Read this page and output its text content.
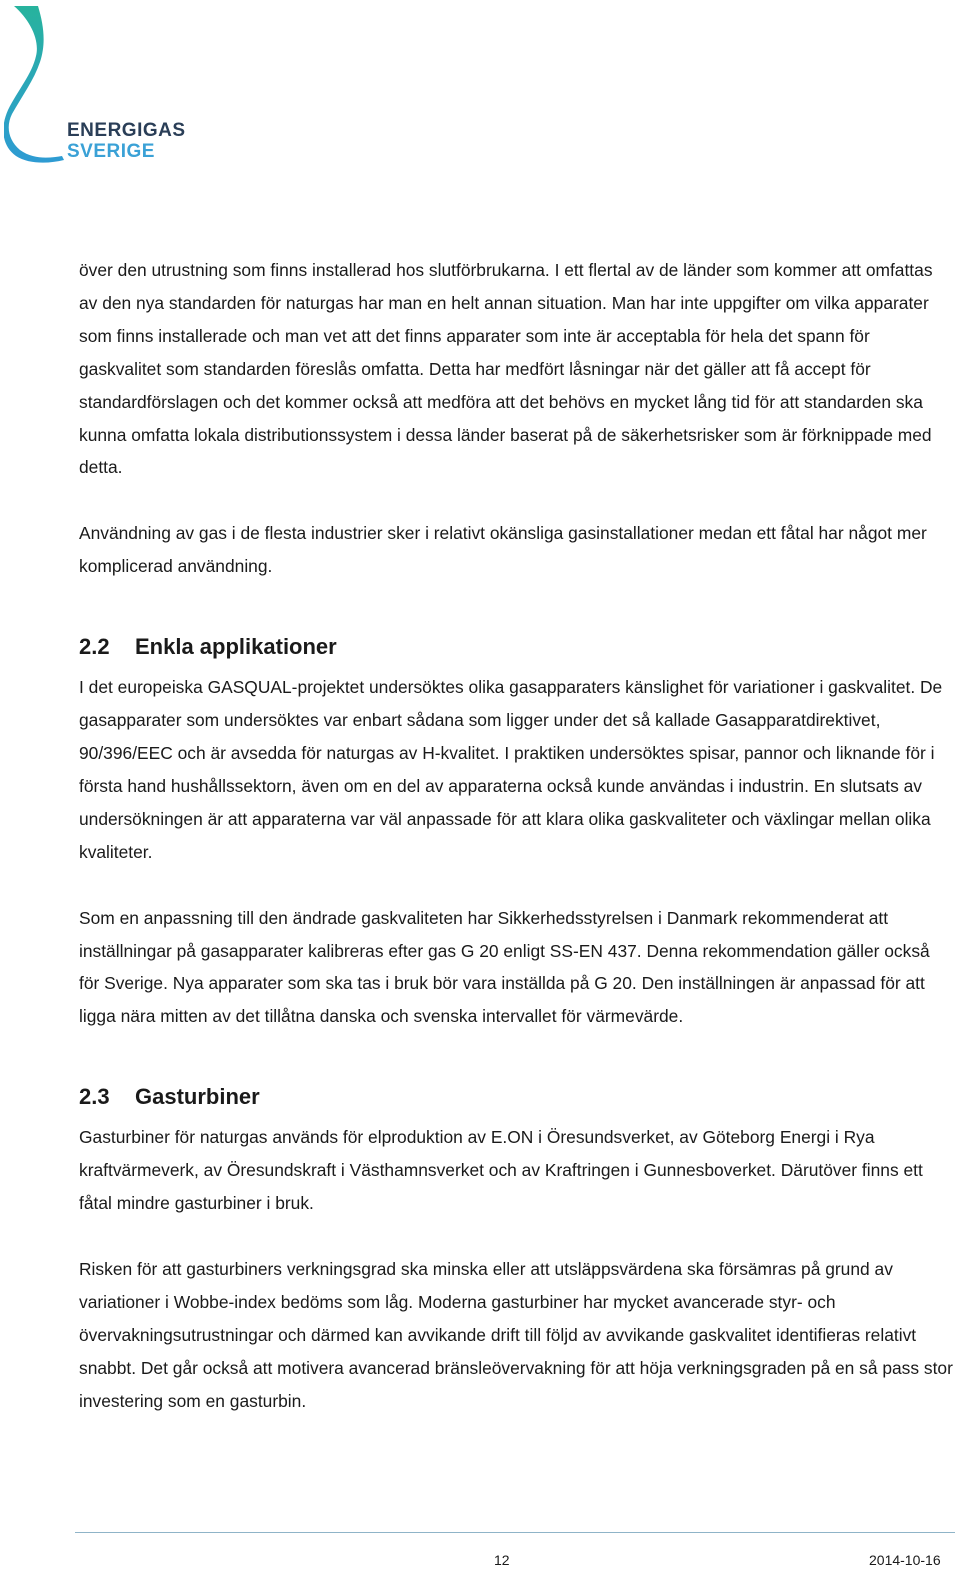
ENERGIGAS
SVERIGE

över den utrustning som finns installerad hos slutförbrukarna. I ett flertal av de länder som kommer att omfattas av den nya standarden för naturgas har man en helt annan situation. Man har inte uppgifter om vilka apparater som finns installerade och man vet att det finns apparater som inte är acceptabla för hela det spann för gaskvalitet som standarden föreslås omfatta. Detta har medfört låsningar när det gäller att få accept för standardförslagen och det kommer också att medföra att det behövs en mycket lång tid för att standarden ska kunna omfatta lokala distributionssystem i dessa länder baserat på de säkerhetsrisker som är förknippade med detta.

Användning av gas i de flesta industrier sker i relativt okänsliga gasinstallationer medan ett fåtal har något mer komplicerad användning.

2.2	Enkla applikationer

I det europeiska GASQUAL-projektet undersöktes olika gasapparaters känslighet för variationer i gaskvalitet. De gasapparater som undersöktes var enbart sådana som ligger under det så kallade Gasapparatdirektivet, 90/396/EEC och är avsedda för naturgas av H-kvalitet. I praktiken undersöktes spisar, pannor och liknande för i första hand hushållssektorn, även om en del av apparaterna också kunde användas i industrin. En slutsats av undersökningen är att apparaterna var väl anpassade för att klara olika gaskvaliteter och växlingar mellan olika kvaliteter.

Som en anpassning till den ändrade gaskvaliteten har Sikkerhedsstyrelsen i Danmark rekommenderat att inställningar på gasapparater kalibreras efter gas G 20 enligt SS-EN 437. Denna rekommendation gäller också för Sverige. Nya apparater som ska tas i bruk bör vara inställda på G 20. Den inställningen är anpassad för att ligga nära mitten av det tillåtna danska och svenska intervallet för värmevärde.

2.3	Gasturbiner

Gasturbiner för naturgas används för elproduktion av E.ON i Öresundsverket, av Göteborg Energi i Rya kraftvärmeverk, av Öresundskraft i Västhamnsverket och av Kraftringen i Gunnesboverket. Därutöver finns ett fåtal mindre gasturbiner i bruk.

Risken för att gasturbiners verkningsgrad ska minska eller att utsläppsvärdena ska försämras på grund av variationer i Wobbe-index bedöms som låg. Moderna gasturbiner har mycket avancerade styr- och övervakningsutrustningar och därmed kan avvikande drift till följd av avvikande gaskvalitet identifieras relativt snabbt. Det går också att motivera avancerad bränsleövervakning för att höja verkningsgraden på en så pass stor investering som en gasturbin.

12	2014-10-16
